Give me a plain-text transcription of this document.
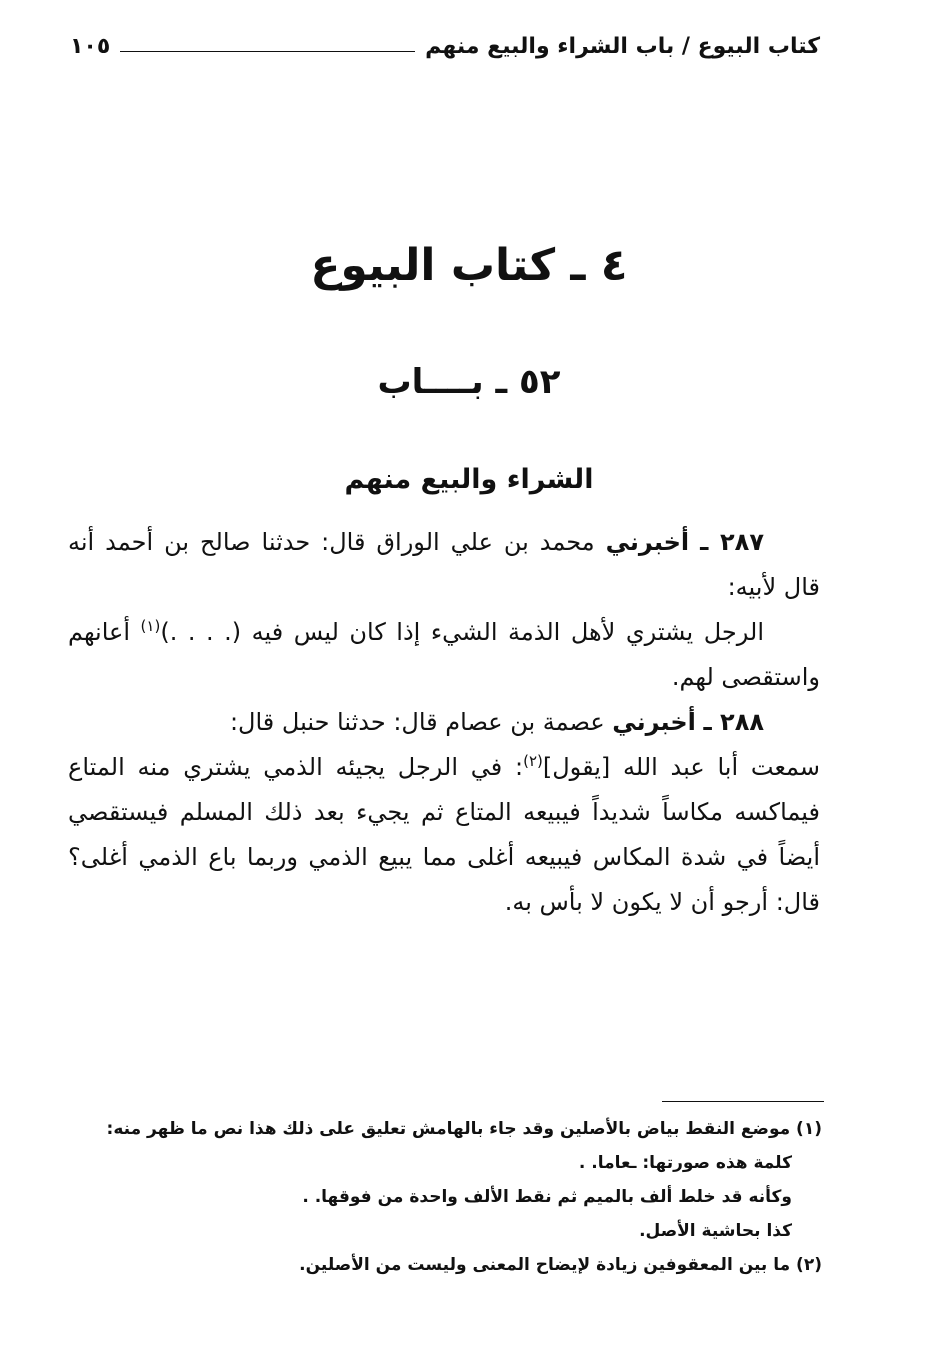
كتاب البيوع / باب الشراء والبيع منهم
١٠٥
٤ ـ كتاب البيوع
٥٢ ـ بــــاب
الشراء والبيع منهم

٢٨٧ ـ أخبرني محمد بن علي الوراق قال: حدثنا صالح بن أحمد أنه قال لأبيه:

الرجل يشتري لأهل الذمة الشيء إذا كان ليس فيه (. . . .)$^{(١)}$ أعانهم واستقصى لهم.

٢٨٨ ـ أخبرني عصمة بن عصام قال: حدثنا حنبل قال:

سمعت أبا عبد الله [يقول]$^{(٢)}$: في الرجل يجيئه الذمي يشتري منه المتاع فيماكسه مكاساً شديداً فيبيعه المتاع ثم يجيء بعد ذلك المسلم فيستقصي أيضاً في شدة المكاس فيبيعه أغلى مما يبيع الذمي وربما باع الذمي أغلى؟ قال: أرجو أن لا يكون لا بأس به.

(١) موضع النقط بياض بالأصلين وقد جاء بالهامش تعليق على ذلك هذا نص ما ظهر منه:

كلمة هذه صورتها: ـعاما. .

وكأنه قد خلط ألف بالميم ثم نقط الألف واحدة من فوقها. .

كذا بحاشية الأصل.

(٢) ما بين المعقوفين زيادة لإيضاح المعنى وليست من الأصلين.
